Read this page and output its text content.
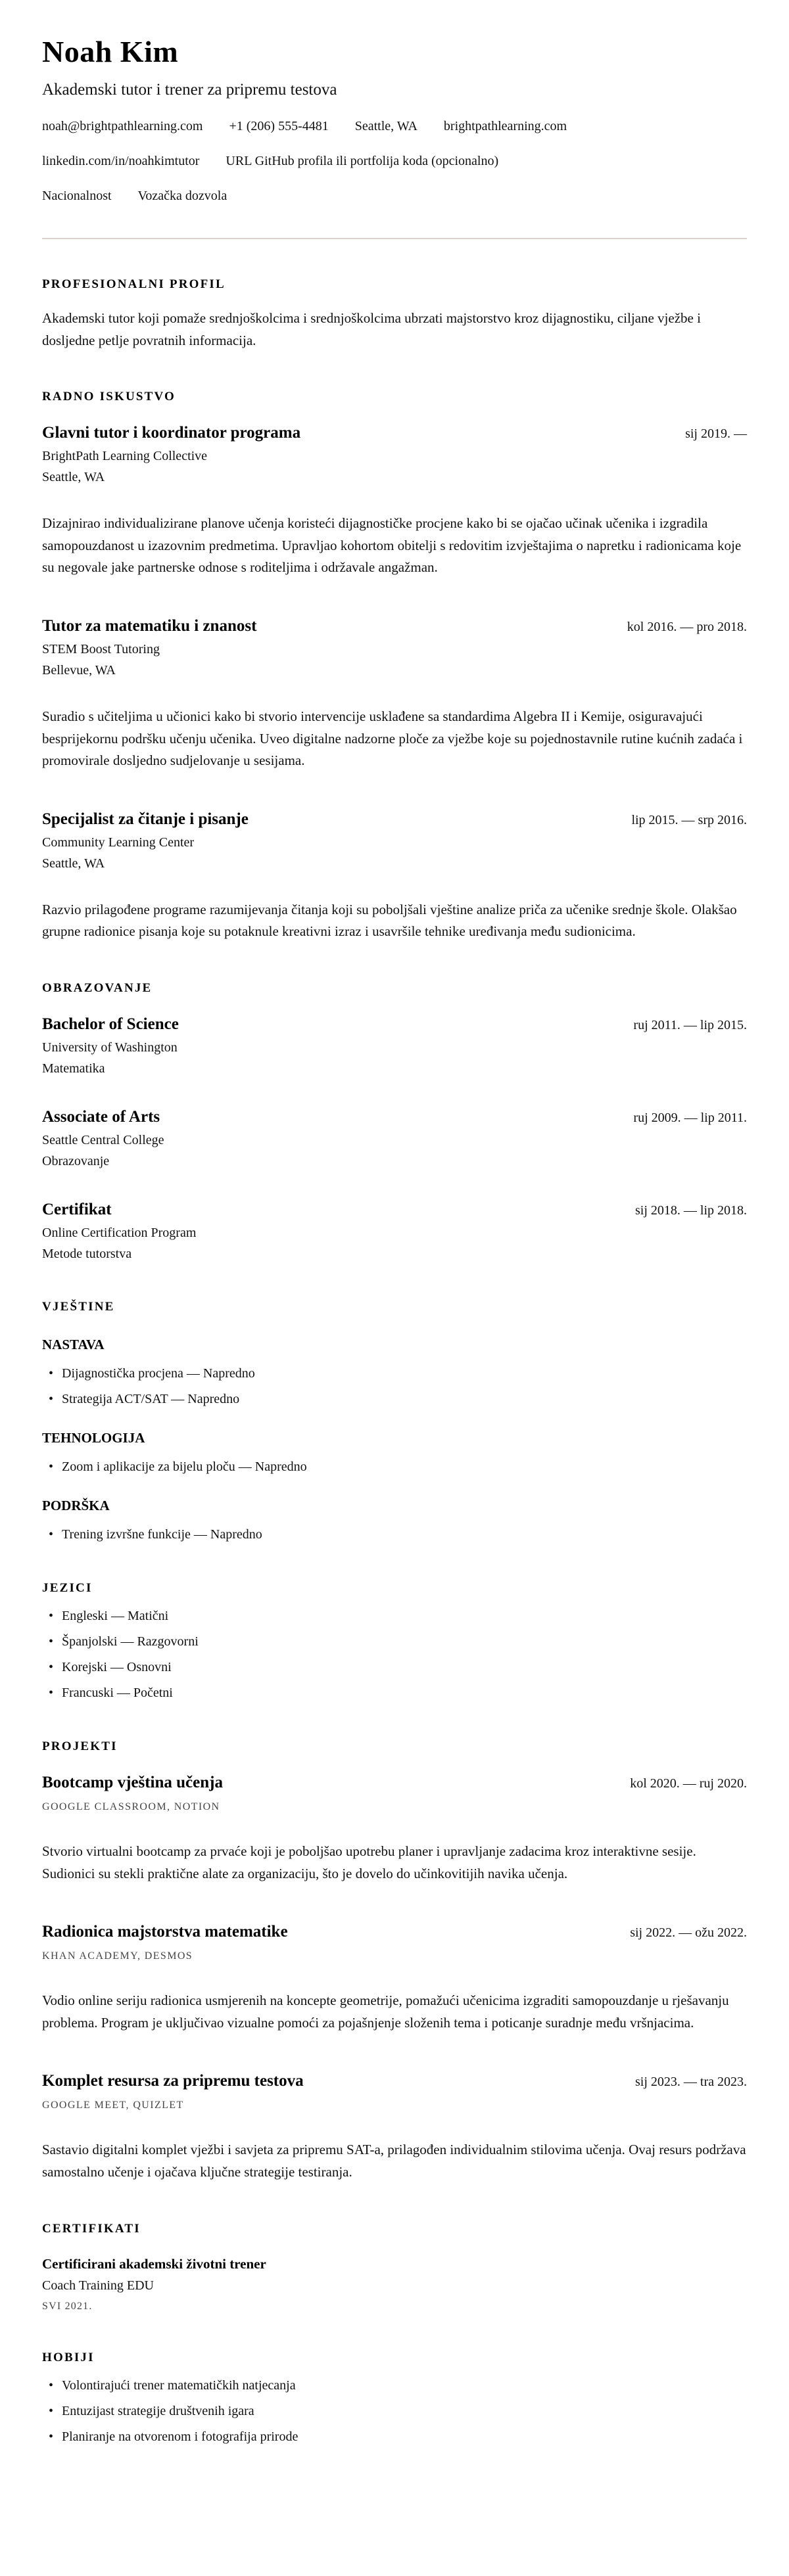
Noah Kim
Akademski tutor i trener za pripremu testova
noah@brightpathlearning.com +1 (206) 555-4481 Seattle, WA brightpathlearning.com
linkedin.com/in/noahkimtutor URL GitHub profila ili portfolija koda (opcionalno)
Nacionalnost Vozačka dozvola
PROFESIONALNI PROFIL

Akademski tutor koji pomaže srednjoškolcima i srednjoškolcima ubrzati majstorstvo kroz dijagnostiku, ciljane vježbe i dosljedne petlje povratnih informacija.

RADNO ISKUSTVO
Glavni tutor i koordinator programa	sij 2019. —
BrightPath Learning Collective
Seattle, WA

Dizajnirao individualizirane planove učenja koristeći dijagnostičke procjene kako bi se ojačao učinak učenika i izgradila samopouzdanost u izazovnim predmetima. Upravljao kohortom obitelji s redovitim izvještajima o napretku i radionicama koje su negovale jake partnerske odnose s roditeljima i održavale angažman.

Tutor za matematiku i znanost	kol 2016. — pro 2018.
STEM Boost Tutoring
Bellevue, WA

Suradio s učiteljima u učionici kako bi stvorio intervencije usklađene sa standardima Algebra II i Kemije, osiguravajući besprijekornu podršku učenju učenika. Uveo digitalne nadzorne ploče za vježbe koje su pojednostavnile rutine kućnih zadaća i promovirale dosljedno sudjelovanje u sesijama.

Specijalist za čitanje i pisanje	lip 2015. — srp 2016.
Community Learning Center
Seattle, WA

Razvio prilagođene programe razumijevanja čitanja koji su poboljšali vještine analize priča za učenike srednje škole. Olakšao grupne radionice pisanja koje su potaknule kreativni izraz i usavršile tehnike uređivanja među sudionicima.

OBRAZOVANJE
Bachelor of Science	ruj 2011. — lip 2015.
University of Washington
Matematika
Associate of Arts	ruj 2009. — lip 2011.
Seattle Central College
Obrazovanje
Certifikat	sij 2018. — lip 2018.
Online Certification Program
Metode tutorstva
VJEŠTINE
NASTAVA
• Dijagnostička procjena — Napredno
• Strategija ACT/SAT — Napredno
TEHNOLOGIJA
• Zoom i aplikacije za bijelu ploču — Napredno
PODRŠKA
• Trening izvršne funkcije — Napredno
JEZICI
• Engleski — Matični
• Španjolski — Razgovorni
• Korejski — Osnovni
• Francuski — Početni
PROJEKTI
Bootcamp vještina učenja	kol 2020. — ruj 2020.
GOOGLE CLASSROOM, NOTION

Stvorio virtualni bootcamp za prvaće koji je poboljšao upotrebu planer i upravljanje zadacima kroz interaktivne sesije. Sudionici su stekli praktične alate za organizaciju, što je dovelo do učinkovitijih navika učenja.

Radionica majstorstva matematike	sij 2022. — ožu 2022.
KHAN ACADEMY, DESMOS

Vodio online seriju radionica usmjerenih na koncepte geometrije, pomažući učenicima izgraditi samopouzdanje u rješavanju problema. Program je uključivao vizualne pomoći za pojašnjenje složenih tema i poticanje suradnje među vršnjacima.

Komplet resursa za pripremu testova	sij 2023. — tra 2023.
GOOGLE MEET, QUIZLET

Sastavio digitalni komplet vježbi i savjeta za pripremu SAT-a, prilagođen individualnim stilovima učenja. Ovaj resurs podržava samostalno učenje i ojačava ključne strategije testiranja.

CERTIFIKATI
Certificirani akademski životni trener
Coach Training EDU
SVI 2021.
HOBIJI
• Volontirajući trener matematičkih natjecanja
• Entuzijast strategije društvenih igara
• Planiranje na otvorenom i fotografija prirode
